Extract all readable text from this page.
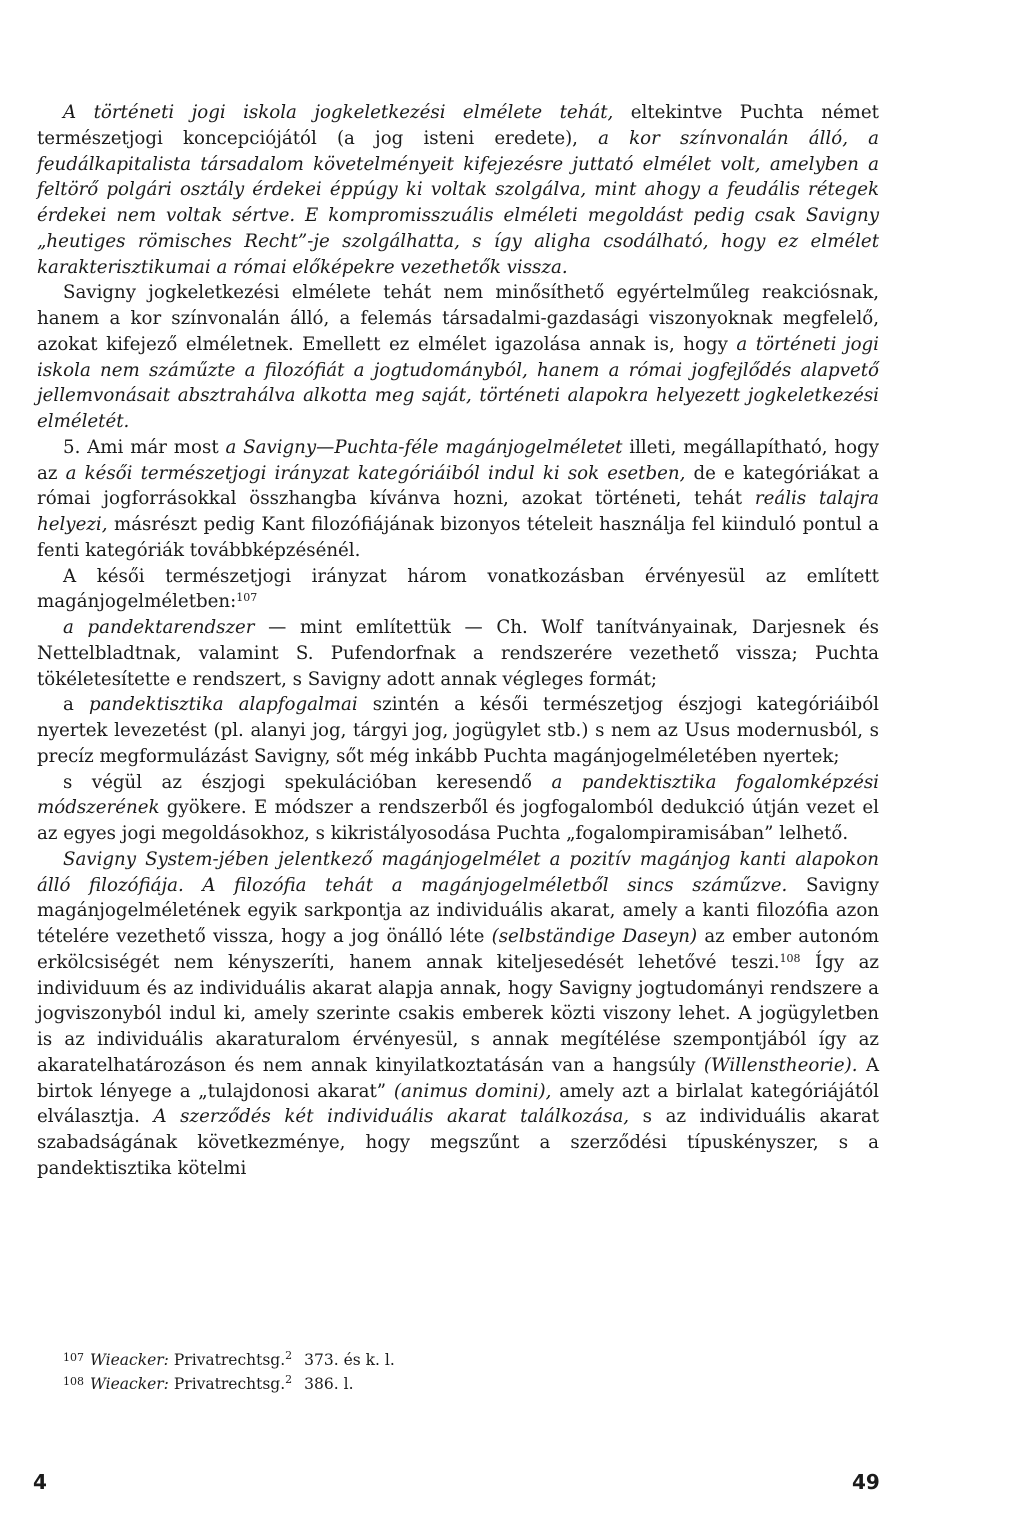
A történeti jogi iskola jogkeletkezési elmélete tehát, eltekintve Puchta német természetjogi koncepciójától (a jog isteni eredete), a kor színvonalán álló, a feudálkapitalista társadalom követelményeit kifejezésre juttató elmélet volt, amelyben a feltörő polgári osztály érdekei éppúgy ki voltak szolgálva, mint ahogy a feudális rétegek érdekei nem voltak sértve. E kompromisszuális elméleti megoldást pedig csak Savigny „heutiges römisches Recht”-je szolgálhatta, s így aligha csodálható, hogy ez elmélet karakterisztikumai a római előképekre vezethetők vissza.

Savigny jogkeletkezési elmélete tehát nem minősíthető egyértelműleg reakciósnak, hanem a kor színvonalán álló, a felemás társadalmi-gazdasági viszonyoknak megfelelő, azokat kifejező elméletnek. Emellett ez elmélet igazolása annak is, hogy a történeti jogi iskola nem száműzte a filozófiát a jogtudományból, hanem a római jogfejlődés alapvető jellemvonásait absztrahálva alkotta meg saját, történeti alapokra helyezett jogkeletkezési elméletét.

5. Ami már most a Savigny—Puchta-féle magánjogelméletet illeti, megállapítható, hogy az a késői természetjogi irányzat kategóriáiból indul ki sok esetben, de e kategóriákat a római jogforrásokkal összhangba kívánva hozni, azokat történeti, tehát reális talajra helyezi, másrészt pedig Kant filozófiájának bizonyos tételeit használja fel kiinduló pontul a fenti kategóriák továbbképzésénél.

A késői természetjogi irányzat három vonatkozásban érvényesül az említett magánjogelméletben:$^{107}$

a pandektarendszer — mint említettük — Ch. Wolf tanítványainak, Darjesnek és Nettelbladtnak, valamint S. Pufendorfnak a rendszerére vezethető vissza; Puchta tökéletesítette e rendszert, s Savigny adott annak végleges formát;

a pandektisztika alapfogalmai szintén a késői természetjog észjogi kategóriáiból nyertek levezetést (pl. alanyi jog, tárgyi jog, jogügylet stb.) s nem az Usus modernusból, s precíz megformulázást Savigny, sőt még inkább Puchta magánjogelméletében nyertek;

s végül az észjogi spekulációban keresendő a pandektisztika fogalomképzési módszerének gyökere. E módszer a rendszerből és jogfogalomból dedukció útján vezet el az egyes jogi megoldásokhoz, s kikristályosodása Puchta „fogalompiramisában” lelhető.

Savigny System-jében jelentkező magánjogelmélet a pozitív magánjog kanti alapokon álló filozófiája. A filozófia tehát a magánjogelméletből sincs száműzve. Savigny magánjogelméletének egyik sarkpontja az individuális akarat, amely a kanti filozófia azon tételére vezethető vissza, hogy a jog önálló léte (selbständige Daseyn) az ember autonóm erkölcsiségét nem kényszeríti, hanem annak kiteljesedését lehetővé teszi.$^{108}$ Így az individuum és az individuális akarat alapja annak, hogy Savigny jogtudományi rendszere a jogviszonyból indul ki, amely szerinte csakis emberek közti viszony lehet. A jogügyletben is az individuális akaraturalom érvényesül, s annak megítélése szempontjából így az akaratelhatározáson és nem annak kinyilatkoztatásán van a hangsúly (Willenstheorie). A birtok lényege a „tulajdonosi akarat” (animus domini), amely azt a birlalat kategóriájától elválasztja. A szerződés két individuális akarat találkozása, s az individuális akarat szabadságának következménye, hogy megszűnt a szerződési típuskényszer, s a pandektisztika kötelmi

$^{107}$ Wieacker: Privatrechtsg.$^2$ 373. és k. l.
$^{108}$ Wieacker: Privatrechtsg.$^2$ 386. l.
4	49
